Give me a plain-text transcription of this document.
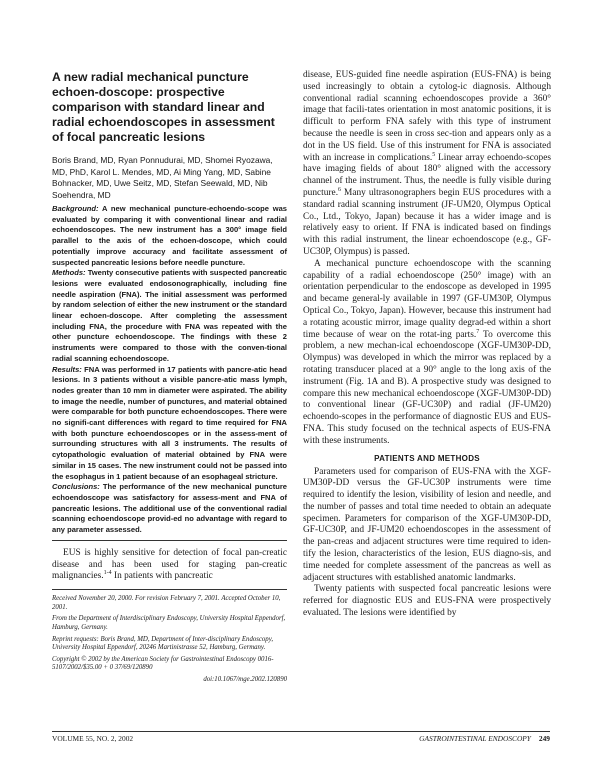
A new radial mechanical puncture echoen-doscope: prospective comparison with standard linear and radial echoendoscopes in assessment of focal pancreatic lesions

Boris Brand, MD, Ryan Ponnudurai, MD, Shomei Ryozawa, MD, PhD, Karol L. Mendes, MD, Ai Ming Yang, MD, Sabine Bohnacker, MD, Uwe Seitz, MD, Stefan Seewald, MD, Nib Soehendra, MD

Background: A new mechanical puncture-echoendo-scope was evaluated by comparing it with conventional linear and radial echoendoscopes. The new instrument has a 300° image field parallel to the axis of the echoen-doscope, which could potentially improve accuracy and facilitate assessment of suspected pancreatic lesions before needle puncture.

Methods: Twenty consecutive patients with suspected pancreatic lesions were evaluated endosonographically, including fine needle aspiration (FNA). The initial assessment was performed by random selection of either the new instrument or the standard linear echoen-doscope. After completing the assessment including FNA, the procedure with FNA was repeated with the other puncture echoendoscope. The findings with these 2 instruments were compared to those with the conven-tional radial scanning echoendoscope.

Results: FNA was performed in 17 patients with pancre-atic head lesions. In 3 patients without a visible pancre-atic mass lymph, nodes greater than 10 mm in diameter were aspirated. The ability to image the needle, number of punctures, and material obtained were comparable for both puncture echoendoscopes. There were no signifi-cant differences with regard to time required for FNA with both puncture echoendoscopes or in the assess-ment of surrounding structures with all 3 instruments. The results of cytopathologic evaluation of material obtained by FNA were similar in 15 cases. The new instrument could not be passed into the esophagus in 1 patient because of an esophageal stricture.

Conclusions: The performance of the new mechanical puncture echoendoscope was satisfactory for assess-ment and FNA of pancreatic lesions. The additional use of the conventional radial scanning echoendoscope provid-ed no advantage with regard to any parameter assessed.

EUS is highly sensitive for detection of focal pan-creatic disease and has been used for staging pan-creatic malignancies.$^{1-4}$ In patients with pancreatic

Received November 20, 2000. For revision February 7, 2001. Accepted October 10, 2001.

From the Department of Interdisciplinary Endoscopy, University Hospital Eppendorf, Hamburg, Germany.

Reprint requests: Boris Brand, MD, Department of Inter-disciplinary Endoscopy, University Hospital Eppendorf, 20246 Martinistrasse 52, Hamburg, Germany.

Copyright © 2002 by the American Society for Gastrointestinal Endoscopy 0016-5107/2002/$35.00 + 0 37/69/120890

doi:10.1067/mge.2002.120890

disease, EUS-guided fine needle aspiration (EUS-FNA) is being used increasingly to obtain a cytolog-ic diagnosis. Although conventional radial scanning echoendoscopes provide a 360° image that facili-tates orientation in most anatomic positions, it is difficult to perform FNA safely with this type of instrument because the needle is seen in cross sec-tion and appears only as a dot in the US field. Use of this instrument for FNA is associated with an increase in complications.$^5$ Linear array echoendo-scopes have imaging fields of about 180° aligned with the accessory channel of the instrument. Thus, the needle is fully visible during puncture.$^6$ Many ultrasonographers begin EUS procedures with a standard radial scanning instrument (JF-UM20, Olympus Optical Co., Ltd., Tokyo, Japan) because it has a wider image and is relatively easy to orient. If FNA is indicated based on findings with this radial instrument, the linear echoendoscope (e.g., GF-UC30P, Olympus) is passed.

A mechanical puncture echoendoscope with the scanning capability of a radial echoendoscope (250° image) with an orientation perpendicular to the endoscope as developed in 1995 and became general-ly available in 1997 (GF-UM30P, Olympus Optical Co., Tokyo, Japan). However, because this instrument had a rotating acoustic mirror, image quality degrad-ed within a short time because of wear on the rotat-ing parts.$^7$ To overcome this problem, a new mechan-ical echoendoscope (XGF-UM30P-DD, Olympus) was developed in which the mirror was replaced by a rotating transducer placed at a 90° angle to the long axis of the instrument (Fig. 1A and B). A prospective study was designed to compare this new mechanical echoendoscope (XGF-UM30P-DD) to conventional linear (GF-UC30P) and radial (JF-UM20) echoendo-scopes in the performance of diagnostic EUS and EUS-FNA. This study focused on the technical aspects of EUS-FNA with these instruments.

PATIENTS AND METHODS

Parameters used for comparison of EUS-FNA with the XGF-UM30P-DD versus the GF-UC30P instruments were time required to identify the lesion, visibility of lesion and needle, and the number of passes and total time needed to obtain an adequate specimen. Parameters for comparison of the XGF-UM30P-DD, GF-UC30P, and JF-UM20 echoendoscopes in the assessment of the pan-creas and adjacent structures were time required to iden-tify the lesion, characteristics of the lesion, EUS diagno-sis, and time needed for complete assessment of the pancreas as well as adjacent structures with established anatomic landmarks.

Twenty patients with suspected focal pancreatic lesions were referred for diagnostic EUS and EUS-FNA were prospectively evaluated. The lesions were identified by

VOLUME 55, NO. 2, 2002	GASTROINTESTINAL ENDOSCOPY 249
